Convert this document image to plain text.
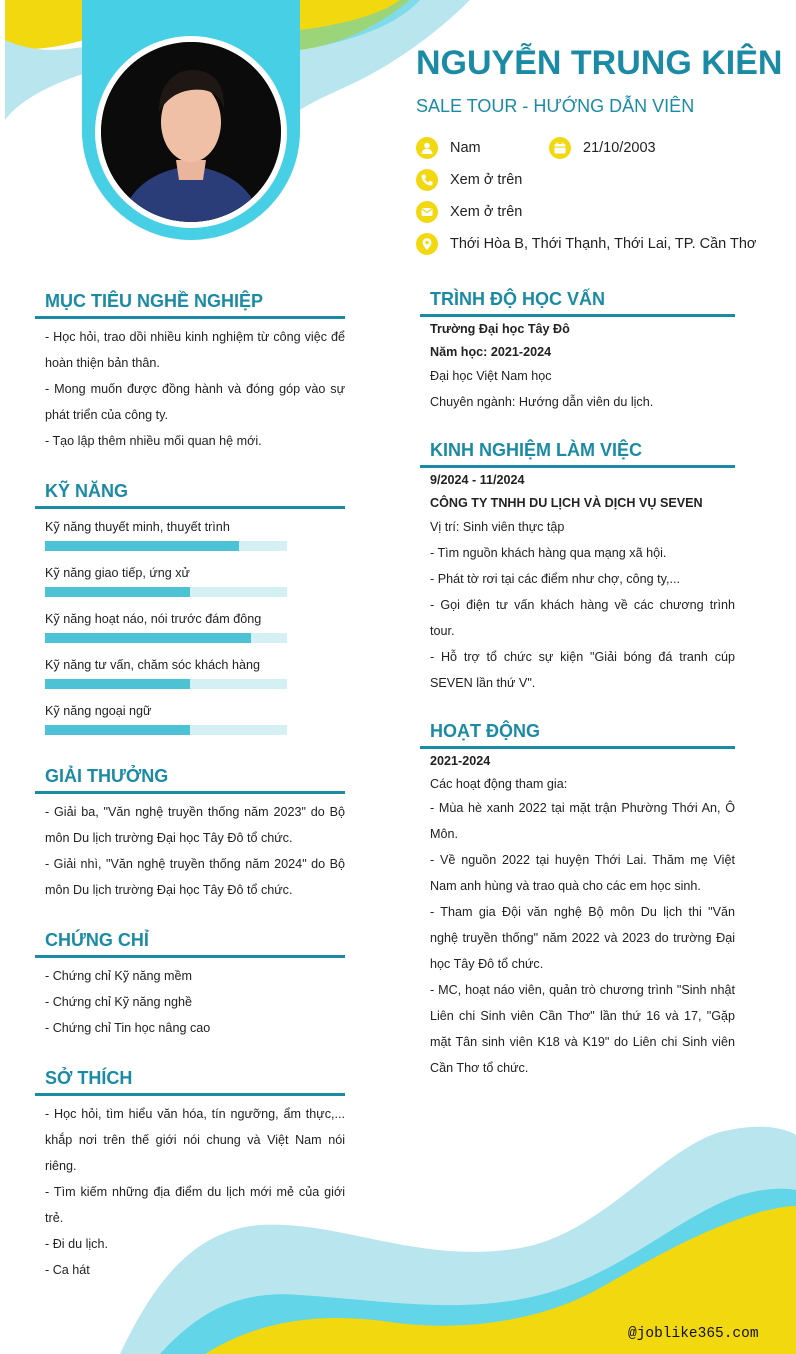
NGUYỄN TRUNG KIÊN
SALE TOUR - HƯỚNG DẪN VIÊN
Nam	21/10/2003
Xem ở trên
Xem ở trên
Thới Hòa B, Thới Thạnh, Thới Lai, TP. Cần Thơ
MỤC TIÊU NGHỀ NGHIỆP

- Học hỏi, trao dồi nhiều kinh nghiệm từ công việc để hoàn thiện bản thân.

- Mong muốn được đồng hành và đóng góp vào sự phát triển của công ty.

- Tạo lập thêm nhiều mối quan hệ mới.

KỸ NĂNG
Kỹ năng thuyết minh, thuyết trình
Kỹ năng giao tiếp, ứng xử
Kỹ năng hoạt náo, nói trước đám đông
Kỹ năng tư vấn, chăm sóc khách hàng
Kỹ năng ngoại ngữ
GIẢI THƯỞNG

- Giải ba, "Văn nghệ truyền thống năm 2023" do Bộ môn Du lịch trường Đại học Tây Đô tổ chức.

- Giải nhì, "Văn nghệ truyền thống năm 2024" do Bộ môn Du lịch trường Đại học Tây Đô tổ chức.

CHỨNG CHỈ

- Chứng chỉ Kỹ năng mềm

- Chứng chỉ Kỹ năng nghề

- Chứng chỉ Tin học nâng cao

SỞ THÍCH

- Học hỏi, tìm hiểu văn hóa, tín ngưỡng, ẩm thực,... khắp nơi trên thế giới nói chung và Việt Nam nói riêng.

- Tìm kiếm những địa điểm du lịch mới mẻ của giới trẻ.

- Đi du lịch.

- Ca hát

TRÌNH ĐỘ HỌC VẤN
Trường Đại học Tây Đô
Năm học: 2021-2024
Đại học Việt Nam học
Chuyên ngành: Hướng dẫn viên du lịch.
KINH NGHIỆM LÀM VIỆC
9/2024 - 11/2024
CÔNG TY TNHH DU LỊCH VÀ DỊCH VỤ SEVEN
Vị trí: Sinh viên thực tập

- Tìm nguồn khách hàng qua mạng xã hội.

- Phát tờ rơi tại các điểm như chợ, công ty,...

- Gọi điện tư vấn khách hàng về các chương trình tour.

- Hỗ trợ tổ chức sự kiện "Giải bóng đá tranh cúp SEVEN lần thứ V".

HOẠT ĐỘNG
2021-2024
Các hoạt động tham gia:

- Mùa hè xanh 2022 tại mặt trận Phường Thới An, Ô Môn.

- Về nguồn 2022 tại huyện Thới Lai. Thăm mẹ Việt Nam anh hùng và trao quà cho các em học sinh.

- Tham gia Đội văn nghệ Bộ môn Du lịch thi "Văn nghệ truyền thống" năm 2022 và 2023 do trường Đại học Tây Đô tổ chức.

- MC, hoạt náo viên, quản trò chương trình "Sinh nhật Liên chi Sinh viên Cần Thơ" lần thứ 16 và 17, "Gặp mặt Tân sinh viên K18 và K19" do Liên chi Sinh viên Cần Thơ tổ chức.

@joblike365.com
